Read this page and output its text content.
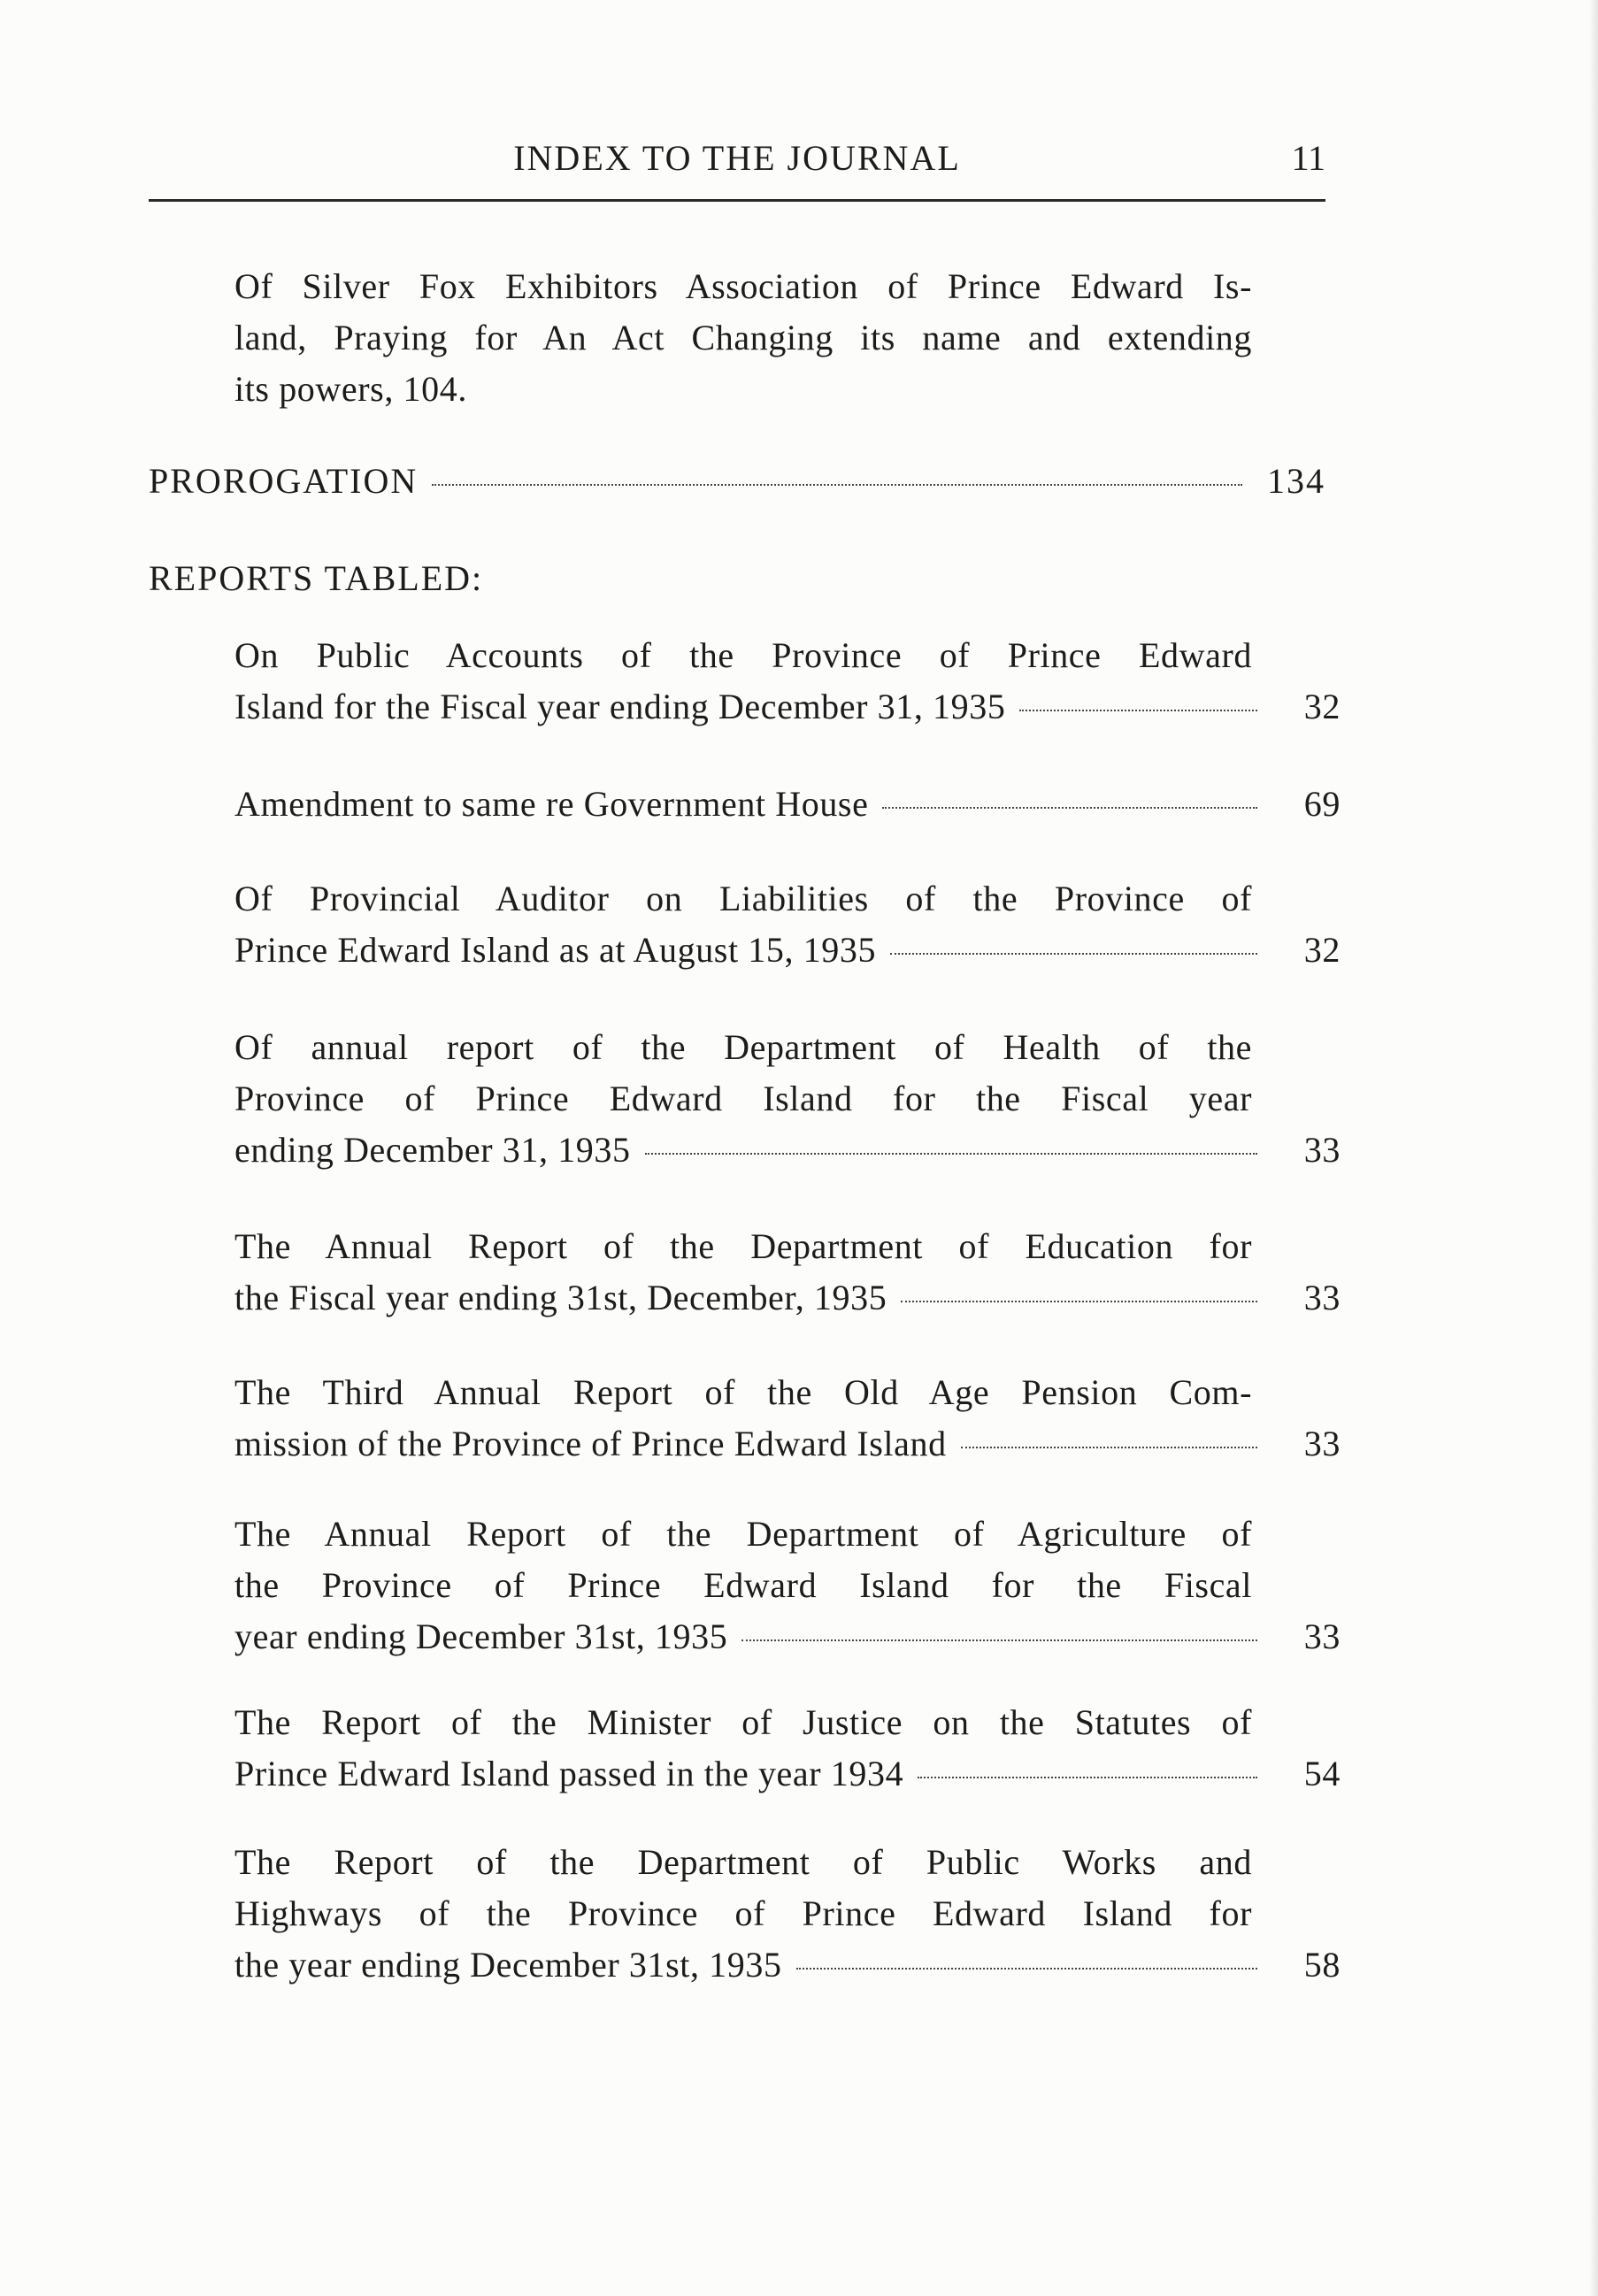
INDEX TO THE JOURNAL	11
Of Silver Fox Exhibitors Association of Prince Edward Is-
land, Praying for An Act Changing its name and extending
its powers, 104.
PROROGATION	134
REPORTS TABLED:
On Public Accounts of the Province of Prince Edward
Island for the Fiscal year ending December 31, 1935	32
Amendment to same re Government House	69
Of Provincial Auditor on Liabilities of the Province of
Prince Edward Island as at August 15, 1935	32
Of annual report of the Department of Health of the
Province of Prince Edward Island for the Fiscal year
ending December 31, 1935	33
The Annual Report of the Department of Education for
the Fiscal year ending 31st, December, 1935	33
The Third Annual Report of the Old Age Pension Com-
mission of the Province of Prince Edward Island	33
The Annual Report of the Department of Agriculture of
the Province of Prince Edward Island for the Fiscal
year ending December 31st, 1935	33
The Report of the Minister of Justice on the Statutes of
Prince Edward Island passed in the year 1934	54
The Report of the Department of Public Works and
Highways of the Province of Prince Edward Island for
the year ending December 31st, 1935	58
